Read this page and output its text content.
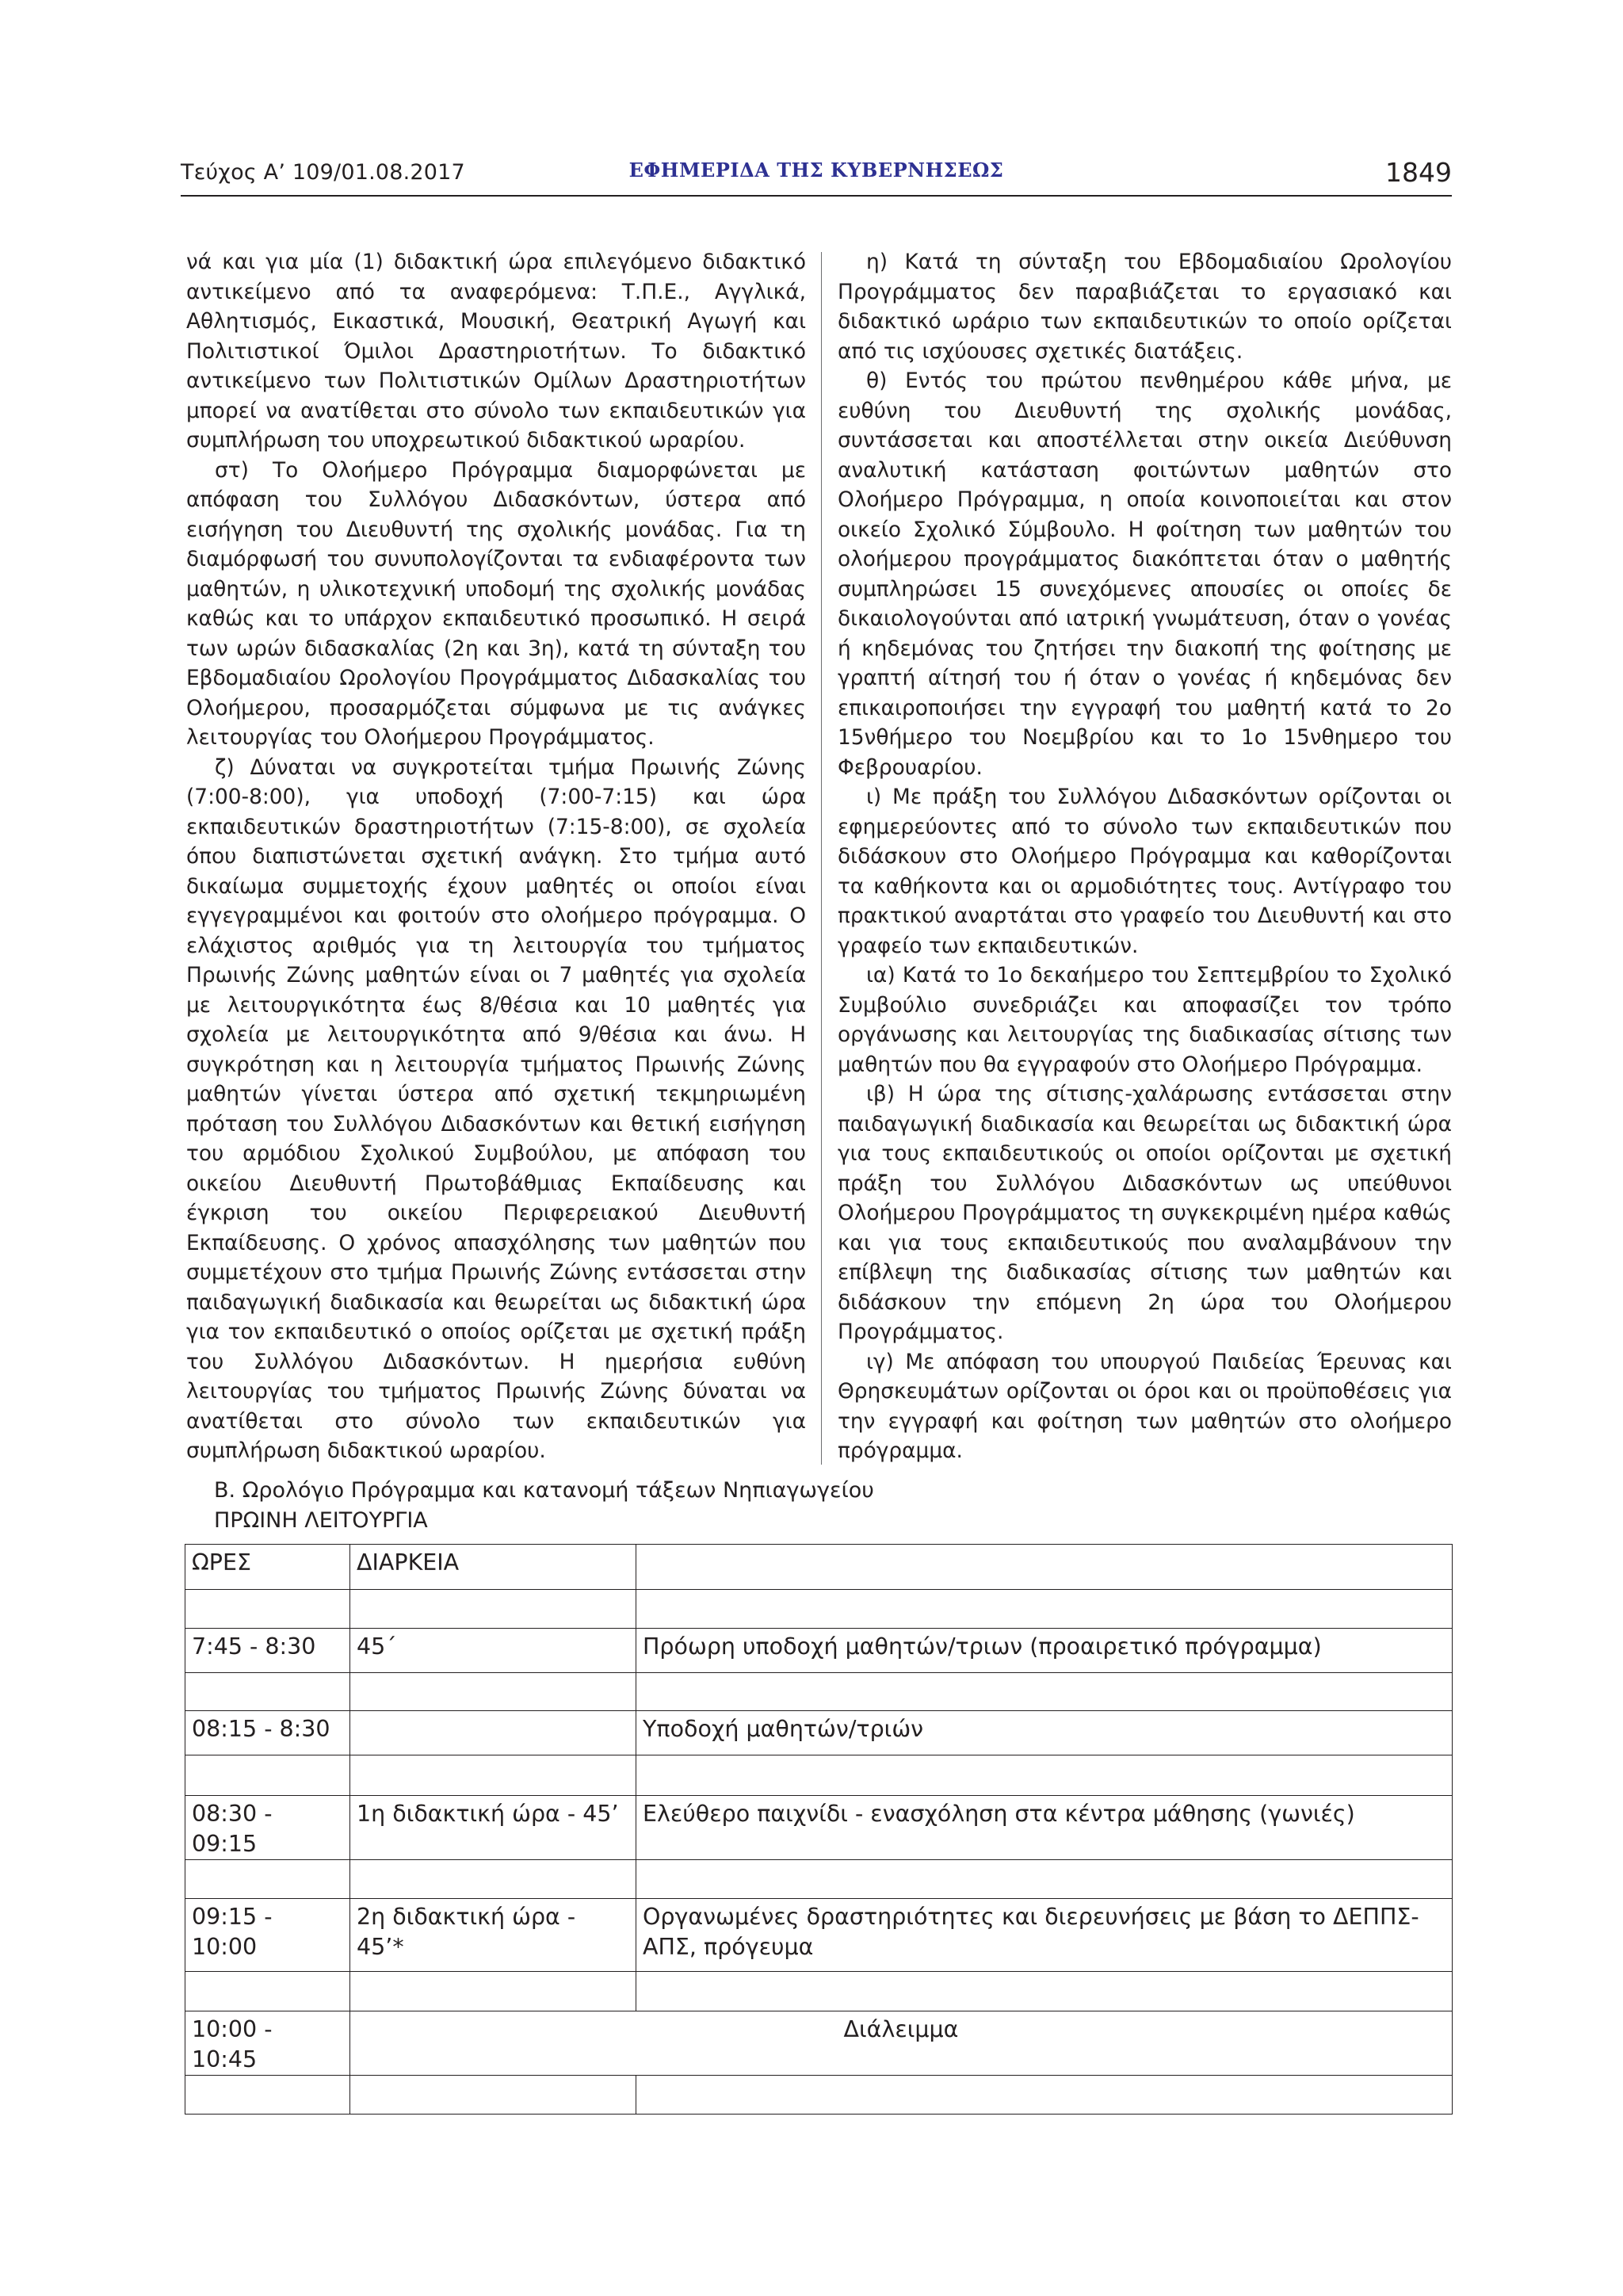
Τεύχος A’ 109/01.08.2017	ΕΦΗΜΕΡΙΔΑ ΤΗΣ ΚΥΒΕΡΝΗΣΕΩΣ	1849

νά και για μία (1) διδακτική ώρα επιλεγόμενο διδακτικό αντικείμενο από τα αναφερόμενα: Τ.Π.Ε., Αγγλικά, Αθλητισμός, Εικαστικά, Μουσική, Θεατρική Αγωγή και Πολιτιστικοί Όμιλοι Δραστηριοτήτων. Το διδακτικό αντικείμενο των Πολιτιστικών Ομίλων Δραστηριοτήτων μπορεί να ανατίθεται στο σύνολο των εκπαιδευτικών για συμπλήρωση του υποχρεωτικού διδακτικού ωραρίου.

στ) Το Ολοήμερο Πρόγραμμα διαμορφώνεται με απόφαση του Συλλόγου Διδασκόντων, ύστερα από εισήγηση του Διευθυντή της σχολικής μονάδας. Για τη διαμόρφωσή του συνυπολογίζονται τα ενδιαφέροντα των μαθητών, η υλικοτεχνική υποδομή της σχολικής μονάδας καθώς και το υπάρχον εκπαιδευτικό προσωπικό. Η σειρά των ωρών διδασκαλίας (2η και 3η), κατά τη σύνταξη του Εβδομαδιαίου Ωρολογίου Προγράμματος Διδασκαλίας του Ολοήμερου, προσαρμόζεται σύμφωνα με τις ανάγκες λειτουργίας του Ολοήμερου Προγράμματος.

ζ) Δύναται να συγκροτείται τμήμα Πρωινής Ζώνης (7:00-8:00), για υποδοχή (7:00-7:15) και ώρα εκπαιδευτικών δραστηριοτήτων (7:15-8:00), σε σχολεία όπου διαπιστώνεται σχετική ανάγκη. Στο τμήμα αυτό δικαίωμα συμμετοχής έχουν μαθητές οι οποίοι είναι εγγεγραμμένοι και φοιτούν στο ολοήμερο πρόγραμμα. Ο ελάχιστος αριθμός για τη λειτουργία του τμήματος Πρωινής Ζώνης μαθητών είναι οι 7 μαθητές για σχολεία με λειτουργικότητα έως 8/θέσια και 10 μαθητές για σχολεία με λειτουργικότητα από 9/θέσια και άνω. Η συγκρότηση και η λειτουργία τμήματος Πρωινής Ζώνης μαθητών γίνεται ύστερα από σχετική τεκμηριωμένη πρόταση του Συλλόγου Διδασκόντων και θετική εισήγηση του αρμόδιου Σχολικού Συμβούλου, με απόφαση του οικείου Διευθυντή Πρωτοβάθμιας Εκπαίδευσης και έγκριση του οικείου Περιφερειακού Διευθυντή Εκπαίδευσης. Ο χρόνος απασχόλησης των μαθητών που συμμετέχουν στο τμήμα Πρωινής Ζώνης εντάσσεται στην παιδαγωγική διαδικασία και θεωρείται ως διδακτική ώρα για τον εκπαιδευτικό ο οποίος ορίζεται με σχετική πράξη του Συλλόγου Διδασκόντων. Η ημερήσια ευθύνη λειτουργίας του τμήματος Πρωινής Ζώνης δύναται να ανατίθεται στο σύνολο των εκπαιδευτικών για συμπλήρωση διδακτικού ωραρίου.

η) Κατά τη σύνταξη του Εβδομαδιαίου Ωρολογίου Προγράμματος δεν παραβιάζεται το εργασιακό και διδακτικό ωράριο των εκπαιδευτικών το οποίο ορίζεται από τις ισχύουσες σχετικές διατάξεις.

θ) Εντός του πρώτου πενθημέρου κάθε μήνα, με ευθύνη του Διευθυντή της σχολικής μονάδας, συντάσσεται και αποστέλλεται στην οικεία Διεύθυνση αναλυτική κατάσταση φοιτώντων μαθητών στο Ολοήμερο Πρόγραμμα, η οποία κοινοποιείται και στον οικείο Σχολικό Σύμβουλο. Η φοίτηση των μαθητών του ολοήμερου προγράμματος διακόπτεται όταν ο μαθητής συμπληρώσει 15 συνεχόμενες απουσίες οι οποίες δε δικαιολογούνται από ιατρική γνωμάτευση, όταν ο γονέας ή κηδεμόνας του ζητήσει την διακοπή της φοίτησης με γραπτή αίτησή του ή όταν ο γονέας ή κηδεμόνας δεν επικαιροποιήσει την εγγραφή του μαθητή κατά το 2ο 15νθήμερο του Νοεμβρίου και το 1ο 15νθημερο του Φεβρουαρίου.

ι) Με πράξη του Συλλόγου Διδασκόντων ορίζονται οι εφημερεύοντες από το σύνολο των εκπαιδευτικών που διδάσκουν στο Ολοήμερο Πρόγραμμα και καθορίζονται τα καθήκοντα και οι αρμοδιότητες τους. Αντίγραφο του πρακτικού αναρτάται στο γραφείο του Διευθυντή και στο γραφείο των εκπαιδευτικών.

ια) Κατά το 1ο δεκαήμερο του Σεπτεμβρίου το Σχολικό Συμβούλιο συνεδριάζει και αποφασίζει τον τρόπο οργάνωσης και λειτουργίας της διαδικασίας σίτισης των μαθητών που θα εγγραφούν στο Ολοήμερο Πρόγραμμα.

ιβ) Η ώρα της σίτισης-χαλάρωσης εντάσσεται στην παιδαγωγική διαδικασία και θεωρείται ως διδακτική ώρα για τους εκπαιδευτικούς οι οποίοι ορίζονται με σχετική πράξη του Συλλόγου Διδασκόντων ως υπεύθυνοι Ολοήμερου Προγράμματος τη συγκεκριμένη ημέρα καθώς και για τους εκπαιδευτικούς που αναλαμβάνουν την επίβλεψη της διαδικασίας σίτισης των μαθητών και διδάσκουν την επόμενη 2η ώρα του Ολοήμερου Προγράμματος.

ιγ) Με απόφαση του υπουργού Παιδείας Έρευνας και Θρησκευμάτων ορίζονται οι όροι και οι προϋποθέσεις για την εγγραφή και φοίτηση των μαθητών στο ολοήμερο πρόγραμμα.

Β. Ωρολόγιο Πρόγραμμα και κατανομή τάξεων Νηπιαγωγείου
ΠΡΩΙΝΗ ΛΕΙΤΟΥΡΓΙΑ
ΩΡΕΣ	ΔΙΑΡΚΕΙΑ	

7:45 - 8:30	45΄	Πρόωρη υποδοχή μαθητών/τριων (προαιρετικό πρόγραμμα)

08:15 - 8:30		Υποδοχή μαθητών/τριών

08:30 - 09:15	1η διδακτική ώρα - 45’	Ελεύθερο παιχνίδι - ενασχόληση στα κέντρα μάθησης (γωνιές)

09:15 - 10:00	2η διδακτική ώρα - 45’*	Οργανωμένες δραστηριότητες και διερευνήσεις με βάση το ΔΕΠΠΣ-ΑΠΣ, πρόγευμα

10:00 - 10:45	Διάλειμμα	
